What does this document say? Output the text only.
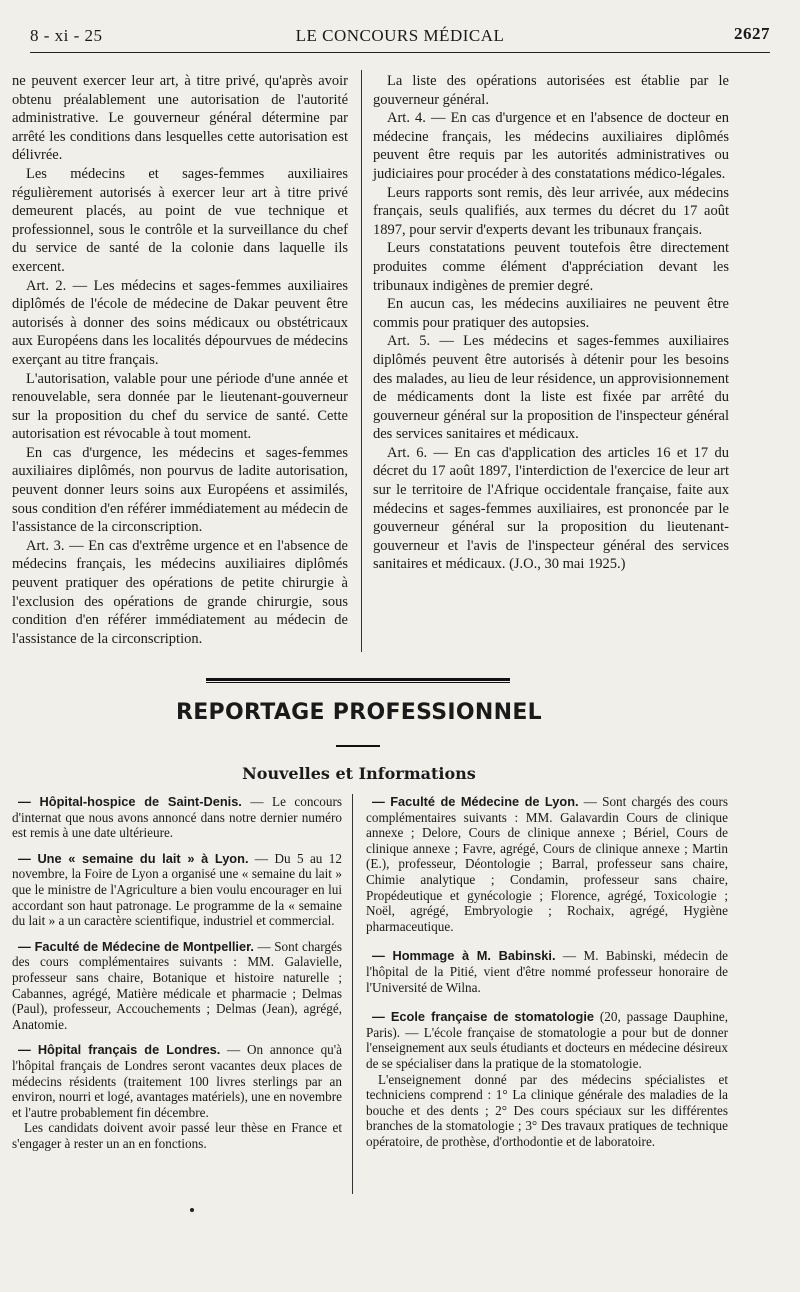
8 - xi - 25	LE CONCOURS MÉDICAL	2627

ne peuvent exercer leur art, à titre privé, qu'après avoir obtenu préalablement une autorisation de l'autorité administrative. Le gouverneur général détermine par arrêté les conditions dans lesquelles cette autorisation est délivrée.

Les médecins et sages-femmes auxiliaires régulièrement autorisés à exercer leur art à titre privé demeurent placés, au point de vue technique et professionnel, sous le contrôle et la surveillance du chef du service de santé de la colonie dans laquelle ils exercent.

Art. 2. — Les médecins et sages-femmes auxiliaires diplômés de l'école de médecine de Dakar peuvent être autorisés à donner des soins médicaux ou obstétricaux aux Européens dans les localités dépourvues de médecins exerçant au titre français.

L'autorisation, valable pour une période d'une année et renouvelable, sera donnée par le lieutenant-gouverneur sur la proposition du chef du service de santé. Cette autorisation est révocable à tout moment.

En cas d'urgence, les médecins et sages-femmes auxiliaires diplômés, non pourvus de ladite autorisation, peuvent donner leurs soins aux Européens et assimilés, sous condition d'en référer immédiatement au médecin de l'assistance de la circonscription.

Art. 3. — En cas d'extrême urgence et en l'absence de médecins français, les médecins auxiliaires diplômés peuvent pratiquer des opérations de petite chirurgie à l'exclusion des opérations de grande chirurgie, sous condition d'en référer immédiatement au médecin de l'assistance de la circonscription.

La liste des opérations autorisées est établie par le gouverneur général.

Art. 4. — En cas d'urgence et en l'absence de docteur en médecine français, les médecins auxiliaires diplômés peuvent être requis par les autorités administratives ou judiciaires pour procéder à des constatations médico-légales.

Leurs rapports sont remis, dès leur arrivée, aux médecins français, seuls qualifiés, aux termes du décret du 17 août 1897, pour servir d'experts devant les tribunaux français.

Leurs constatations peuvent toutefois être directement produites comme élément d'appréciation devant les tribunaux indigènes de premier degré.

En aucun cas, les médecins auxiliaires ne peuvent être commis pour pratiquer des autopsies.

Art. 5. — Les médecins et sages-femmes auxiliaires diplômés peuvent être autorisés à détenir pour les besoins des malades, au lieu de leur résidence, un approvisionnement de médicaments dont la liste est fixée par arrêté du gouverneur général sur la proposition de l'inspecteur général des services sanitaires et médicaux.

Art. 6. — En cas d'application des articles 16 et 17 du décret du 17 août 1897, l'interdiction de l'exercice de leur art sur le territoire de l'Afrique occidentale française, faite aux médecins et sages-femmes auxiliaires, est prononcée par le gouverneur général sur la proposition du lieutenant-gouverneur et l'avis de l'inspecteur général des services sanitaires et médicaux. (J.O., 30 mai 1925.)

REPORTAGE PROFESSIONNEL
Nouvelles et Informations

— Hôpital-hospice de Saint-Denis. — Le concours d'internat que nous avons annoncé dans notre dernier numéro est remis à une date ultérieure.

— Une « semaine du lait » à Lyon. — Du 5 au 12 novembre, la Foire de Lyon a organisé une « semaine du lait » que le ministre de l'Agriculture a bien voulu encourager en lui accordant son haut patronage. Le programme de la « semaine du lait » a un caractère scientifique, industriel et commercial.

— Faculté de Médecine de Montpellier. — Sont chargés des cours complémentaires suivants : MM. Galavielle, professeur sans chaire, Botanique et histoire naturelle ; Cabannes, agrégé, Matière médicale et pharmacie ; Delmas (Paul), professeur, Accouchements ; Delmas (Jean), agrégé, Anatomie.

— Hôpital français de Londres. — On annonce qu'à l'hôpital français de Londres seront vacantes deux places de médecins résidents (traitement 100 livres sterlings par an environ, nourri et logé, avantages matériels), une en novembre et l'autre probablement fin décembre.

Les candidats doivent avoir passé leur thèse en France et s'engager à rester un an en fonctions.

— Faculté de Médecine de Lyon. — Sont chargés des cours complémentaires suivants : MM. Galavardin Cours de clinique annexe ; Delore, Cours de clinique annexe ; Bériel, Cours de clinique annexe ; Favre, agrégé, Cours de clinique annexe ; Martin (E.), professeur, Déontologie ; Barral, professeur sans chaire, Chimie analytique ; Condamin, professeur sans chaire, Propédeutique et gynécologie ; Florence, agrégé, Toxicologie ; Noël, agrégé, Embryologie ; Rochaix, agrégé, Hygiène pharmaceutique.

— Hommage à M. Babinski. — M. Babinski, médecin de l'hôpital de la Pitié, vient d'être nommé professeur honoraire de l'Université de Wilna.

— Ecole française de stomatologie (20, passage Dauphine, Paris). — L'école française de stomatologie a pour but de donner l'enseignement aux seuls étudiants et docteurs en médecine désireux de se spécialiser dans la pratique de la stomatologie.

L'enseignement donné par des médecins spécialistes et techniciens comprend : 1° La clinique générale des maladies de la bouche et des dents ; 2° Des cours spéciaux sur les différentes branches de la stomatologie ; 3° Des travaux pratiques de technique opératoire, de prothèse, d'orthodontie et de laboratoire.
